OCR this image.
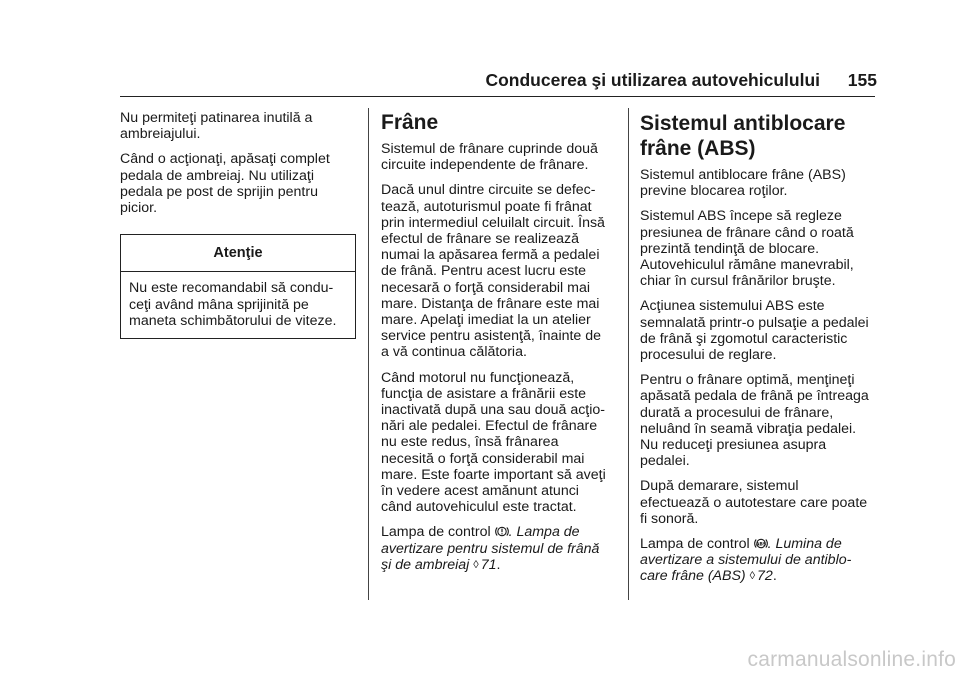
Conducerea şi utilizarea autovehiculului 155

Nu permiteţi patinarea inutilă a
ambreiajului.

Când o acţionaţi, apăsaţi complet
pedala de ambreiaj. Nu utilizaţi
pedala pe post de sprijin pentru
picior.

Atenţie
Nu este recomandabil să condu-
ceţi având mâna sprijinită pe
maneta schimbătorului de viteze.
Frâne

Sistemul de frânare cuprinde două
circuite independente de frânare.

Dacă unul dintre circuite se defec-
tează, autoturismul poate fi frânat
prin intermediul celuilalt circuit. Însă
efectul de frânare se realizează
numai la apăsarea fermă a pedalei
de frână. Pentru acest lucru este
necesară o forţă considerabil mai
mare. Distanţa de frânare este mai
mare. Apelaţi imediat la un atelier
service pentru asistenţă, înainte de
a vă continua călătoria.

Când motorul nu funcţionează,
funcţia de asistare a frânării este
inactivată după una sau două acţio-
nări ale pedalei. Efectul de frânare
nu este redus, însă frânarea
necesită o forţă considerabil mai
mare. Este foarte important să aveţi
în vedere acest amănunt atunci
când autovehiculul este tractat.

Lampa de control
. Lampa de
avertizare pentru sistemul de frână
şi de ambreiaj ◊ 71.

Sistemul antiblocare
frâne (ABS)

Sistemul antiblocare frâne (ABS)
previne blocarea roţilor.

Sistemul ABS începe să regleze
presiunea de frânare când o roată
prezintă tendinţă de blocare.
Autovehiculul rămâne manevrabil,
chiar în cursul frânărilor bruşte.

Acţiunea sistemului ABS este
semnalată printr-o pulsaţie a pedalei
de frână şi zgomotul caracteristic
procesului de reglare.

Pentru o frânare optimă, menţineţi
apăsată pedala de frână pe întreaga
durată a procesului de frânare,
neluând în seamă vibraţia pedalei.
Nu reduceţi presiunea asupra
pedalei.

După demarare, sistemul
efectuează o autotestare care poate
fi sonoră.

Lampa de control ABS . Lumina de
avertizare a sistemului de antiblo-
care frâne (ABS) ◊ 72.

carmanualsonline.info
